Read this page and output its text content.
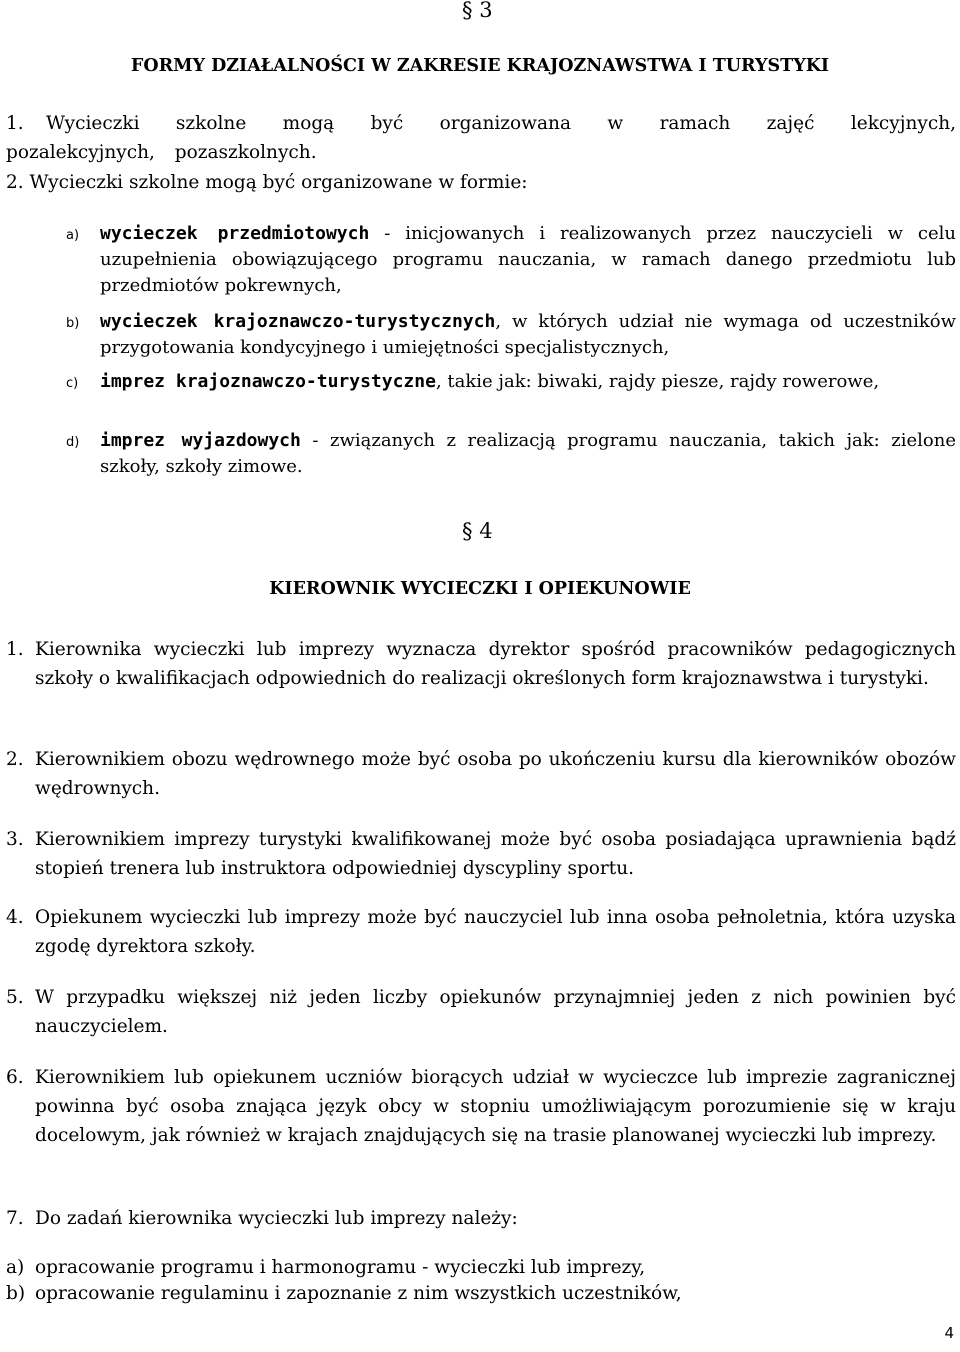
§ 3
FORMY DZIAŁALNOŚCI W ZAKRESIE KRAJOZNAWSTWA I TURYSTYKI
1. Wycieczki szkolne mogą być organizowana w ramach zajęć lekcyjnych, pozalekcyjnych, pozaszkolnych.
2. Wycieczki szkolne mogą być organizowane w formie:
a) wycieczek przedmiotowych - inicjowanych i realizowanych przez nauczycieli w celu uzupełnienia obowiązującego programu nauczania, w ramach danego przedmiotu lub przedmiotów pokrewnych,
b) wycieczek krajoznawczo-turystycznych, w których udział nie wymaga od uczestników przygotowania kondycyjnego i umiejętności specjalistycznych,
c) imprez krajoznawczo-turystyczne, takie jak: biwaki, rajdy piesze, rajdy rowerowe,
d) imprez wyjazdowych - związanych z realizacją programu nauczania, takich jak: zielone szkoły, szkoły zimowe.
§ 4
KIEROWNIK WYCIECZKI I OPIEKUNOWIE
1. Kierownika wycieczki lub imprezy wyznacza dyrektor spośród pracowników pedagogicznych szkoły o kwalifikacjach odpowiednich do realizacji określonych form krajoznawstwa i turystyki.
2. Kierownikiem obozu wędrownego może być osoba po ukończeniu kursu dla kierowników obozów wędrownych.
3. Kierownikiem imprezy turystyki kwalifikowanej może być osoba posiadająca uprawnienia bądź stopień trenera lub instruktora odpowiedniej dyscypliny sportu.
4. Opiekunem wycieczki lub imprezy może być nauczyciel lub inna osoba pełnoletnia, która uzyska zgodę dyrektora szkoły.
5. W przypadku większej niż jeden liczby opiekunów przynajmniej jeden z nich powinien być nauczycielem.
6. Kierownikiem lub opiekunem uczniów biorących udział w wycieczce lub imprezie zagranicznej powinna być osoba znająca język obcy w stopniu umożliwiającym porozumienie się w kraju docelowym, jak również w krajach znajdujących się na trasie planowanej wycieczki lub imprezy.
7. Do zadań kierownika wycieczki lub imprezy należy:
a) opracowanie programu i harmonogramu - wycieczki lub imprezy,
b) opracowanie regulaminu i zapoznanie z nim wszystkich uczestników,
4
